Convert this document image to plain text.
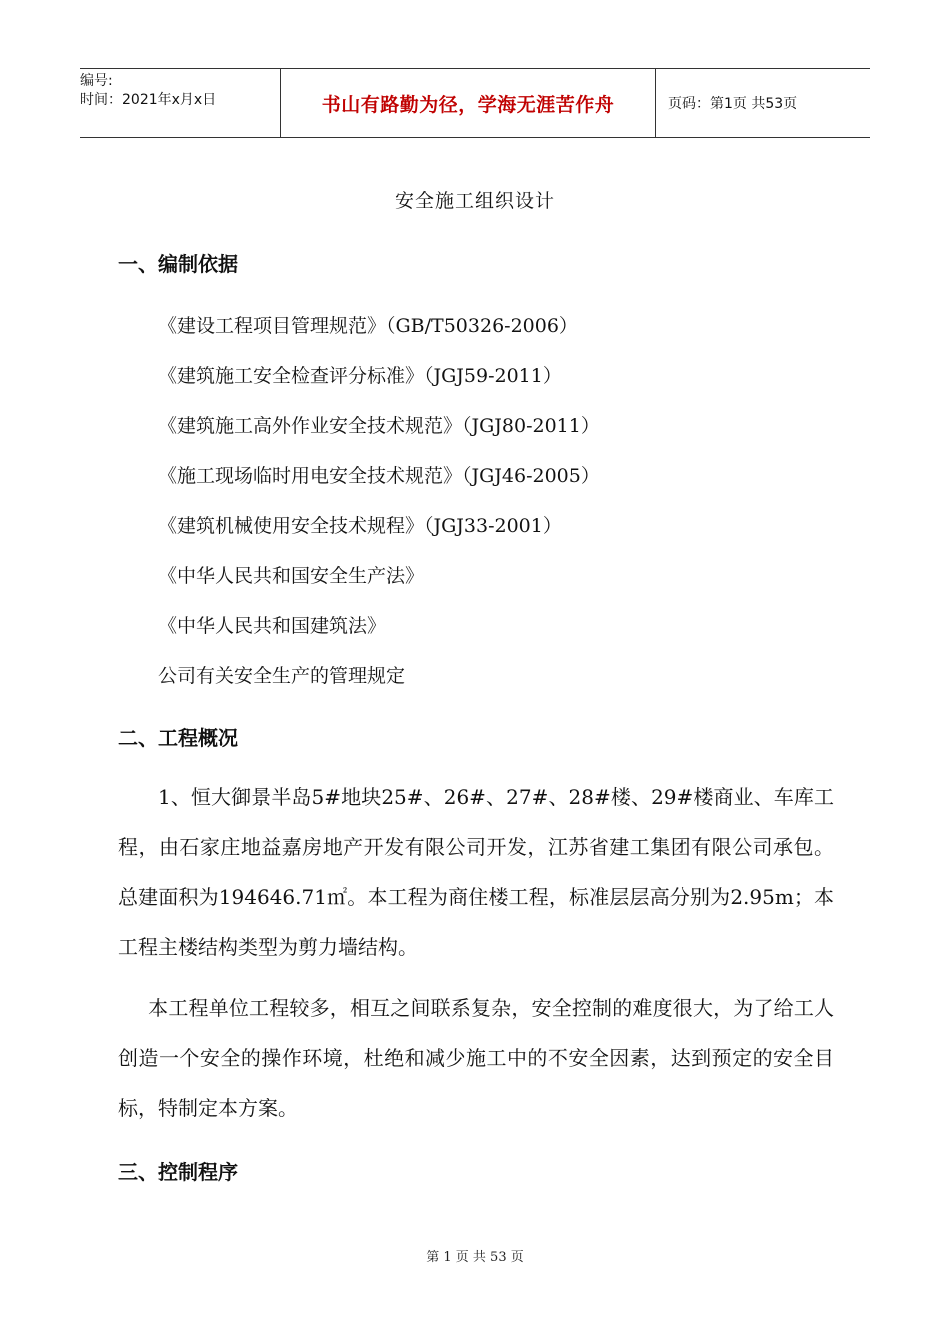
编号:
时间：2021年x月x日	书山有路勤为径，学海无涯苦作舟	页码：第1页 共53页
安全施工组织设计
一、编制依据
《建设工程项目管理规范》（GB/T50326-2006）
《建筑施工安全检查评分标准》（JGJ59-2011）
《建筑施工高外作业安全技术规范》（JGJ80-2011）
《施工现场临时用电安全技术规范》（JGJ46-2005）
《建筑机械使用安全技术规程》（JGJ33-2001）
《中华人民共和国安全生产法》
《中华人民共和国建筑法》
公司有关安全生产的管理规定
二、工程概况
1、恒大御景半岛5#地块25#、26#、27#、28#楼、29#楼商业、车库工程，由石家庄地益嘉房地产开发有限公司开发，江苏省建工集团有限公司承包。总建面积为194646.71㎡。本工程为商住楼工程，标准层层高分别为2.95m；本工程主楼结构类型为剪力墙结构。
本工程单位工程较多，相互之间联系复杂，安全控制的难度很大，为了给工人创造一个安全的操作环境，杜绝和减少施工中的不安全因素，达到预定的安全目标，特制定本方案。
三、控制程序
第 1 页 共 53 页
